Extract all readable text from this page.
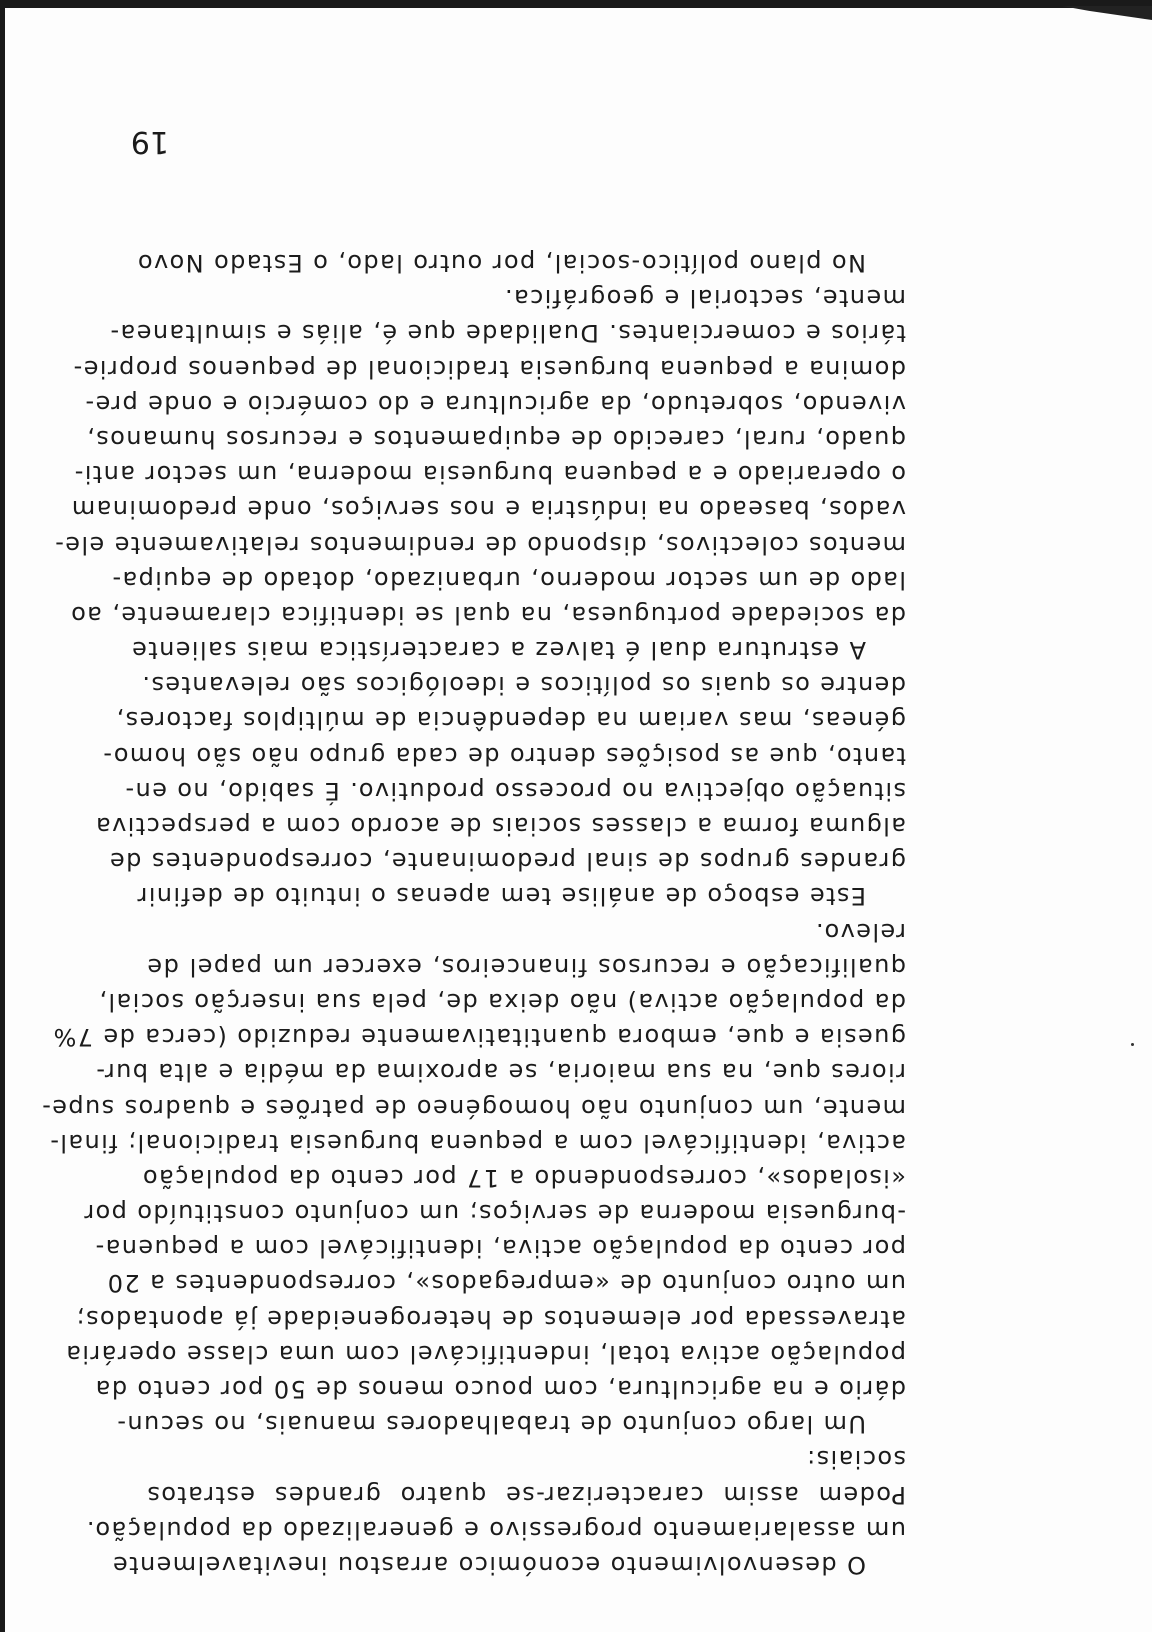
19
O desenvolvimento económico arrastou inevitavelmente
um assalariamento progressivo e generalizado da população.
Podem assim caracterizar-se quatro grandes estratos
sociais:
Um largo conjunto de trabalhadores manuais, no secun-
dário e na agricultura, com pouco menos de 50 por cento da
população activa total, indentificável com uma classe operária
atravessada por elementos de heterogeneidade já apontados;
um outro conjunto de «empregados», correspondentes a 20
por cento da população activa, identificável com a pequena-
-burguesia moderna de serviços; um conjunto constituído por
«isolados», correspondendo a 17 por cento da população
activa, identificável com a pequena burguesia tradicional; final-
mente, um conjunto não homogéneo de patrões e quadros supe-
riores que, na sua maioria, se aproxima da média e alta bur-
guesia e que, embora quantitativamente reduzido (cerca de 7%
da população activa) não deixa de, pela sua inserção social,
qualificação e recursos financeiros, exercer um papel de
relevo.
Este esboço de análise tem apenas o intuito de definir
grandes grupos de sinal predominante, correspondentes de
alguma forma a classes sociais de acordo com a perspectiva
situação objectiva no processo produtivo. É sabido, no en-
tanto, que as posições dentro de cada grupo não são homo-
géneas, mas variam na dependência de múltiplos factores,
dentre os quais os políticos e ideológicos são relevantes.
A estrutura dual é talvez a característica mais saliente
da sociedade portuguesa, na qual se identifica claramente, ao
lado de um sector moderno, urbanizado, dotado de equipa-
mentos colectivos, dispondo de rendimentos relativamente ele-
vados, baseado na indústria e nos serviços, onde predominam
o operariado e a pequena burguesia moderna, um sector anti-
quado, rural, carecido de equipamentos e recursos humanos,
vivendo, sobretudo, da agricultura e do comércio e onde pre-
domina a pequena burguesia tradicional de pequenos proprie-
tários e comerciantes. Dualidade que é, aliás e simultanea-
mente, sectorial e geográfica.
No plano político-social, por outro lado, o Estado Novo
